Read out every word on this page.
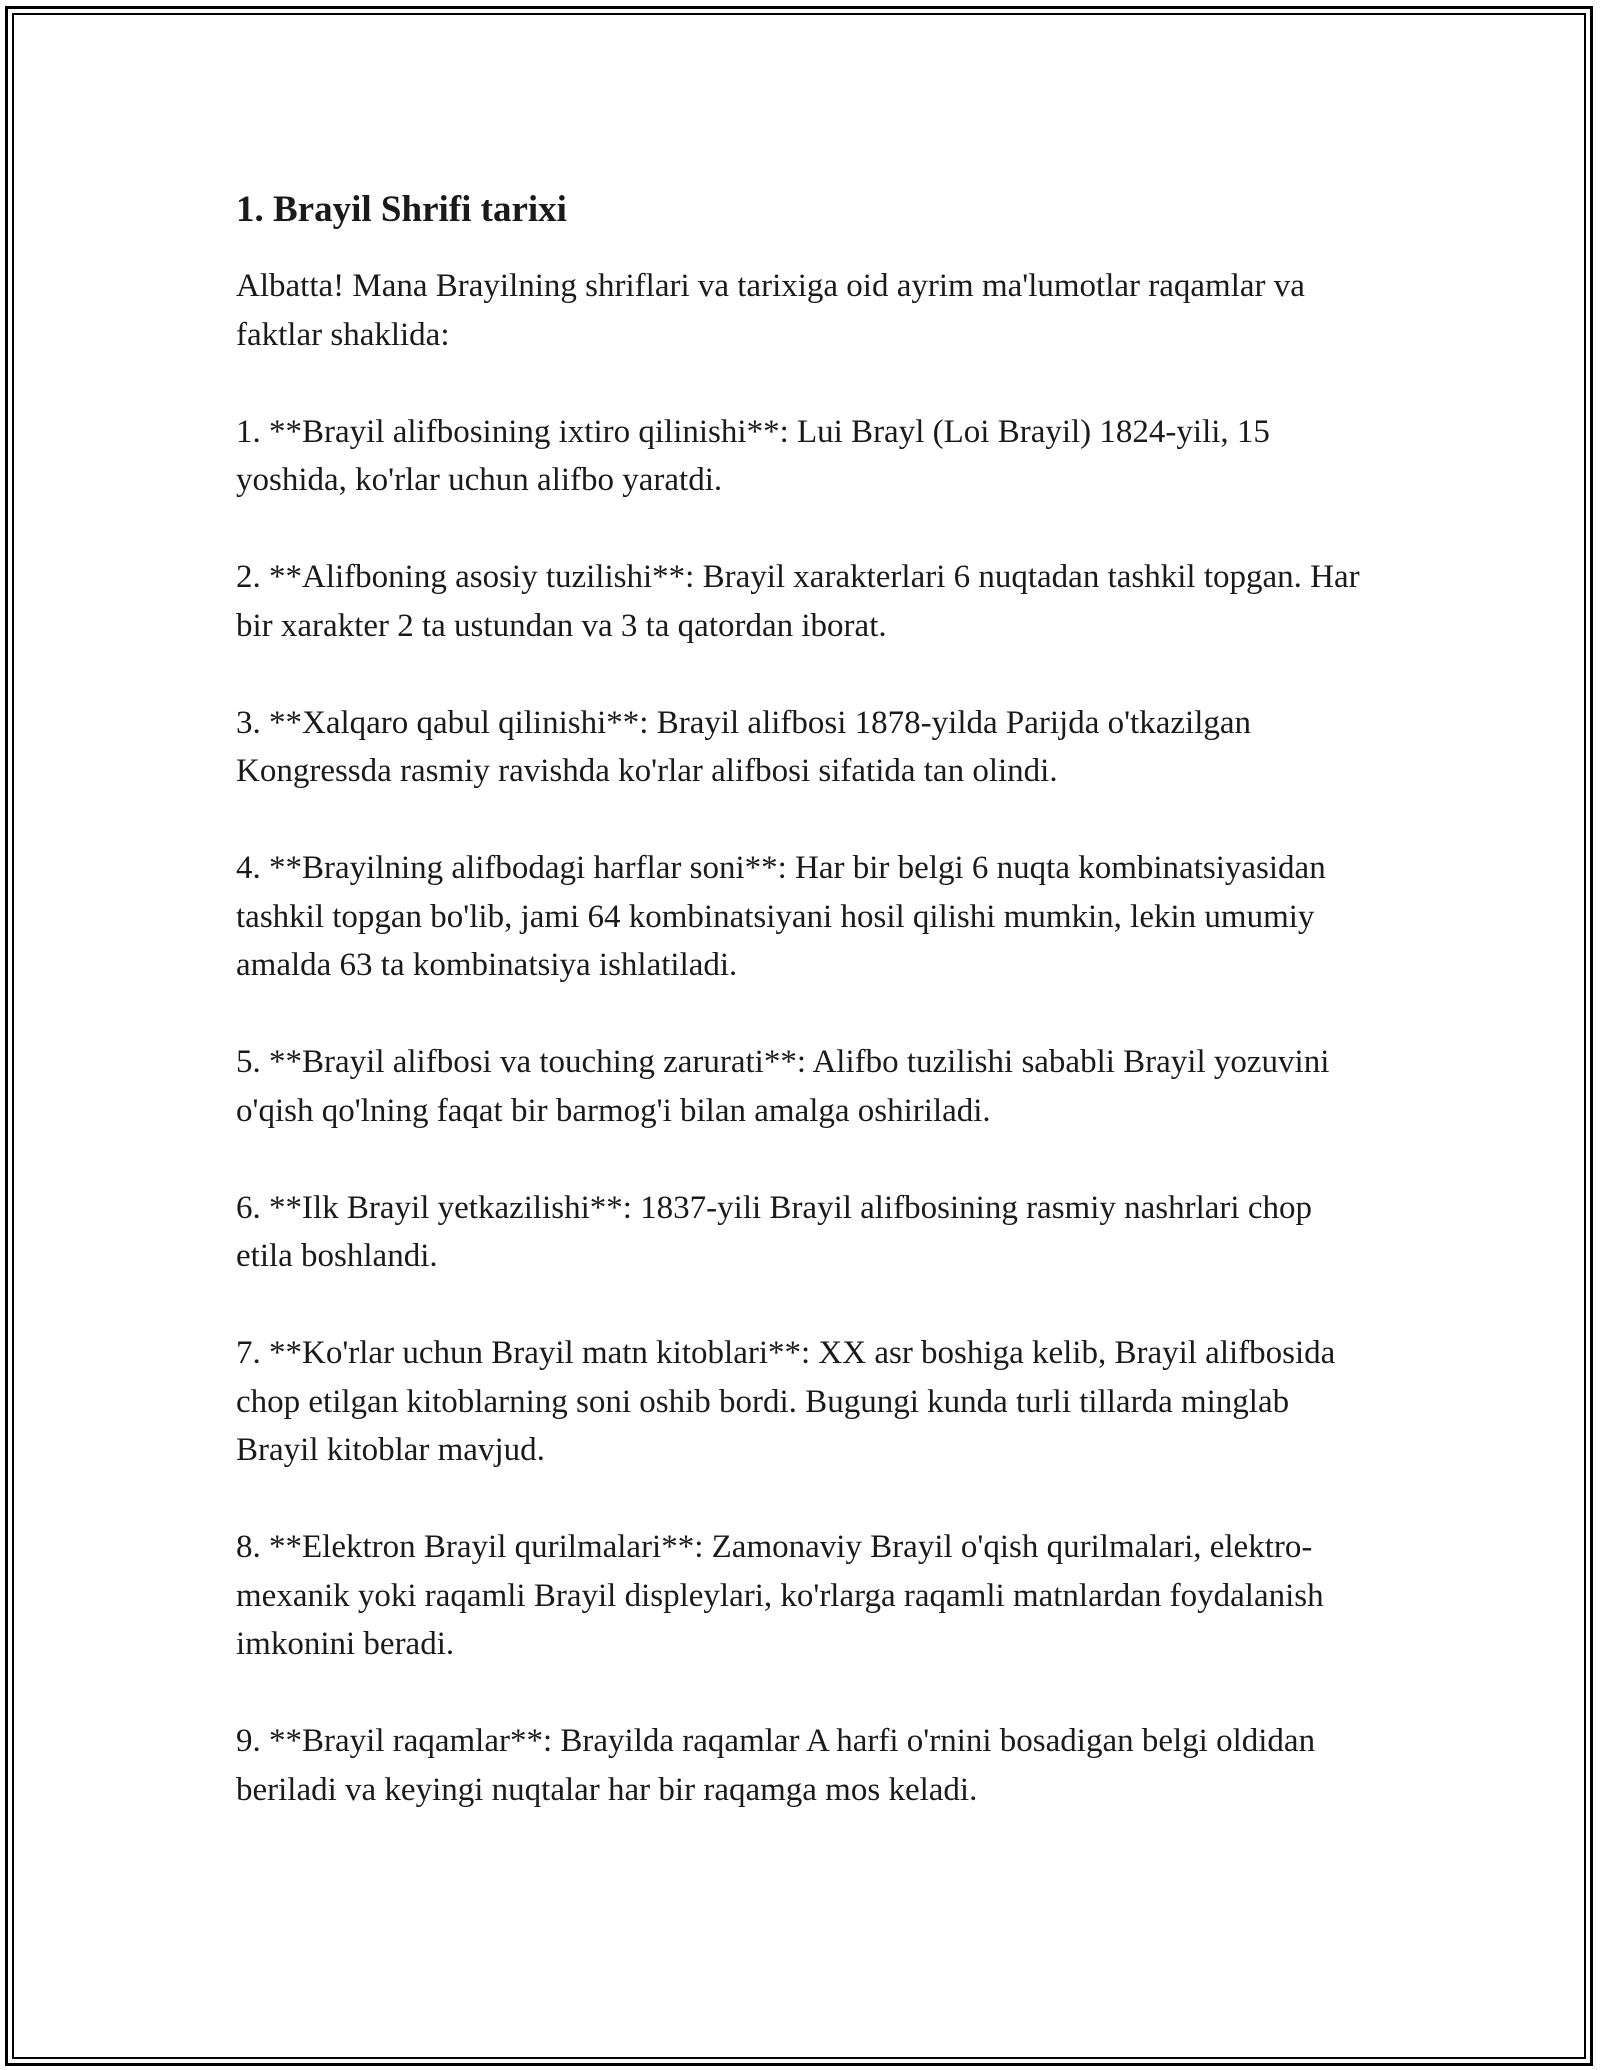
1. Brayil Shrifi tarixi

Albatta! Mana Brayilning shriflari va tarixiga oid ayrim ma'lumotlar raqamlar va faktlar shaklida:

1. **Brayil alifbosining ixtiro qilinishi**: Lui Brayl (Loi Brayil) 1824-yili, 15 yoshida, ko'rlar uchun alifbo yaratdi.

2. **Alifboning asosiy tuzilishi**: Brayil xarakterlari 6 nuqtadan tashkil topgan. Har bir xarakter 2 ta ustundan va 3 ta qatordan iborat.

3. **Xalqaro qabul qilinishi**: Brayil alifbosi 1878-yilda Parijda o'tkazilgan Kongressda rasmiy ravishda ko'rlar alifbosi sifatida tan olindi.

4. **Brayilning alifbodagi harflar soni**: Har bir belgi 6 nuqta kombinatsiyasidan tashkil topgan bo'lib, jami 64 kombinatsiyani hosil qilishi mumkin, lekin umumiy amalda 63 ta kombinatsiya ishlatiladi.

5. **Brayil alifbosi va touching zarurati**: Alifbo tuzilishi sababli Brayil yozuvini o'qish qo'lning faqat bir barmog'i bilan amalga oshiriladi.

6. **Ilk Brayil yetkazilishi**: 1837-yili Brayil alifbosining rasmiy nashrlari chop etila boshlandi.

7. **Ko'rlar uchun Brayil matn kitoblari**: XX asr boshiga kelib, Brayil alifbosida chop etilgan kitoblarning soni oshib bordi. Bugungi kunda turli tillarda minglab Brayil kitoblar mavjud.

8. **Elektron Brayil qurilmalari**: Zamonaviy Brayil o'qish qurilmalari, elektro-mexanik yoki raqamli Brayil displeylari, ko'rlarga raqamli matnlardan foydalanish imkonini beradi.

9. **Brayil raqamlar**: Brayilda raqamlar A harfi o'rnini bosadigan belgi oldidan beriladi va keyingi nuqtalar har bir raqamga mos keladi.
